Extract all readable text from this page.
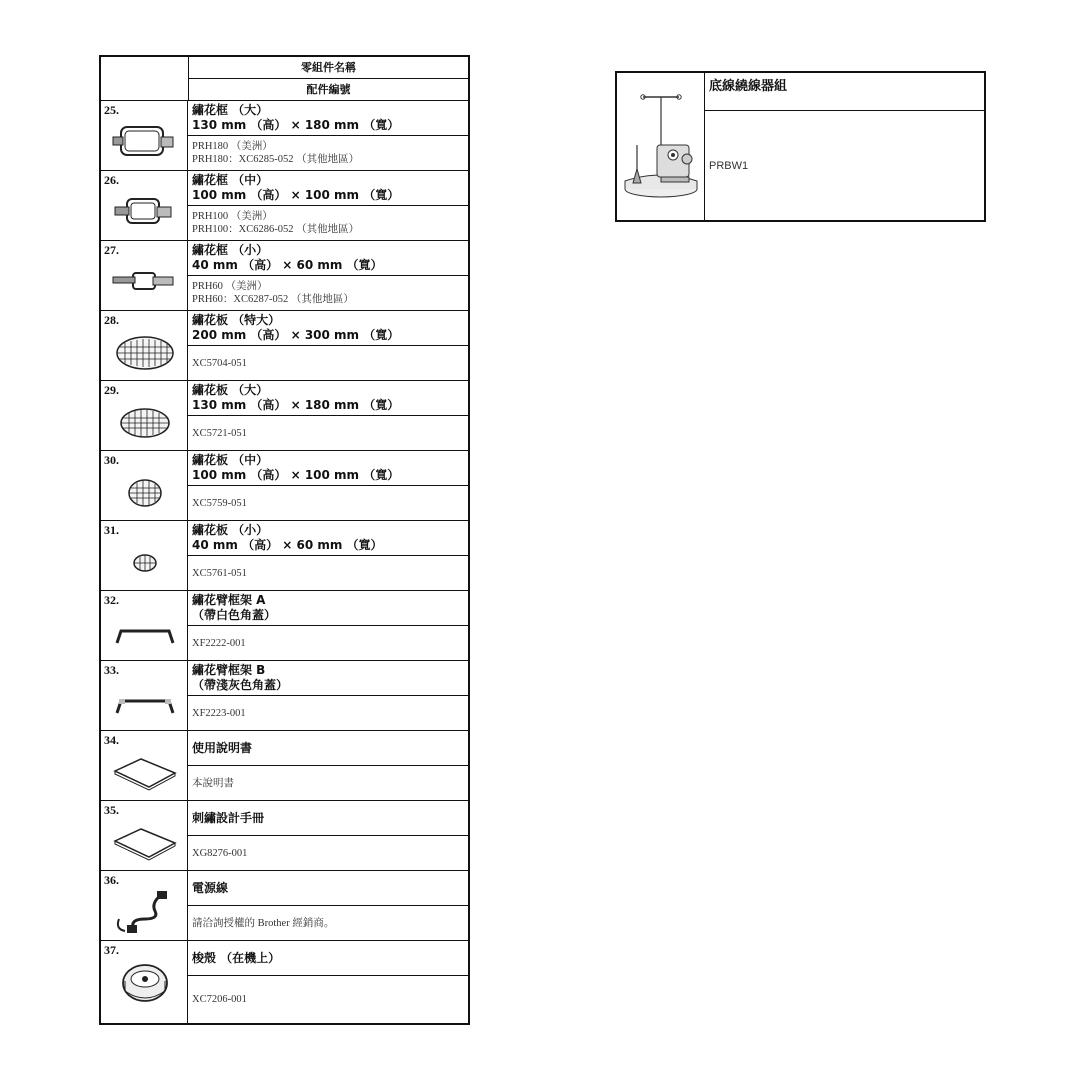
零組件名稱
配件編號
25.	繡花框 （大）
130 mm （高） × 180 mm （寬）
PRH180 （美洲）
PRH180：XC6285-052 （其他地區）
26.	繡花框 （中）
100 mm （高） × 100 mm （寬）
PRH100 （美洲）
PRH100：XC6286-052 （其他地區）
27.	繡花框 （小）
40 mm （高） × 60 mm （寬）
PRH60 （美洲）
PRH60：XC6287-052 （其他地區）
28.	繡花板 （特大）
200 mm （高） × 300 mm （寬）
XC5704-051
29.	繡花板 （大）
130 mm （高） × 180 mm （寬）
XC5721-051
30.	繡花板 （中）
100 mm （高） × 100 mm （寬）
XC5759-051
31.	繡花板 （小）
40 mm （高） × 60 mm （寬）
XC5761-051
32.	繡花臂框架 A
（帶白色角蓋）
XF2222-001
33.	繡花臂框架 B
（帶淺灰色角蓋）
XF2223-001
34.
使用說明書
本說明書
35.
刺繡設計手冊
XG8276-001
36.
電源線
請洽詢授權的 Brother 經銷商。
37.
梭殼 （在機上）
XC7206-001
底線繞線器組
PRBW1
